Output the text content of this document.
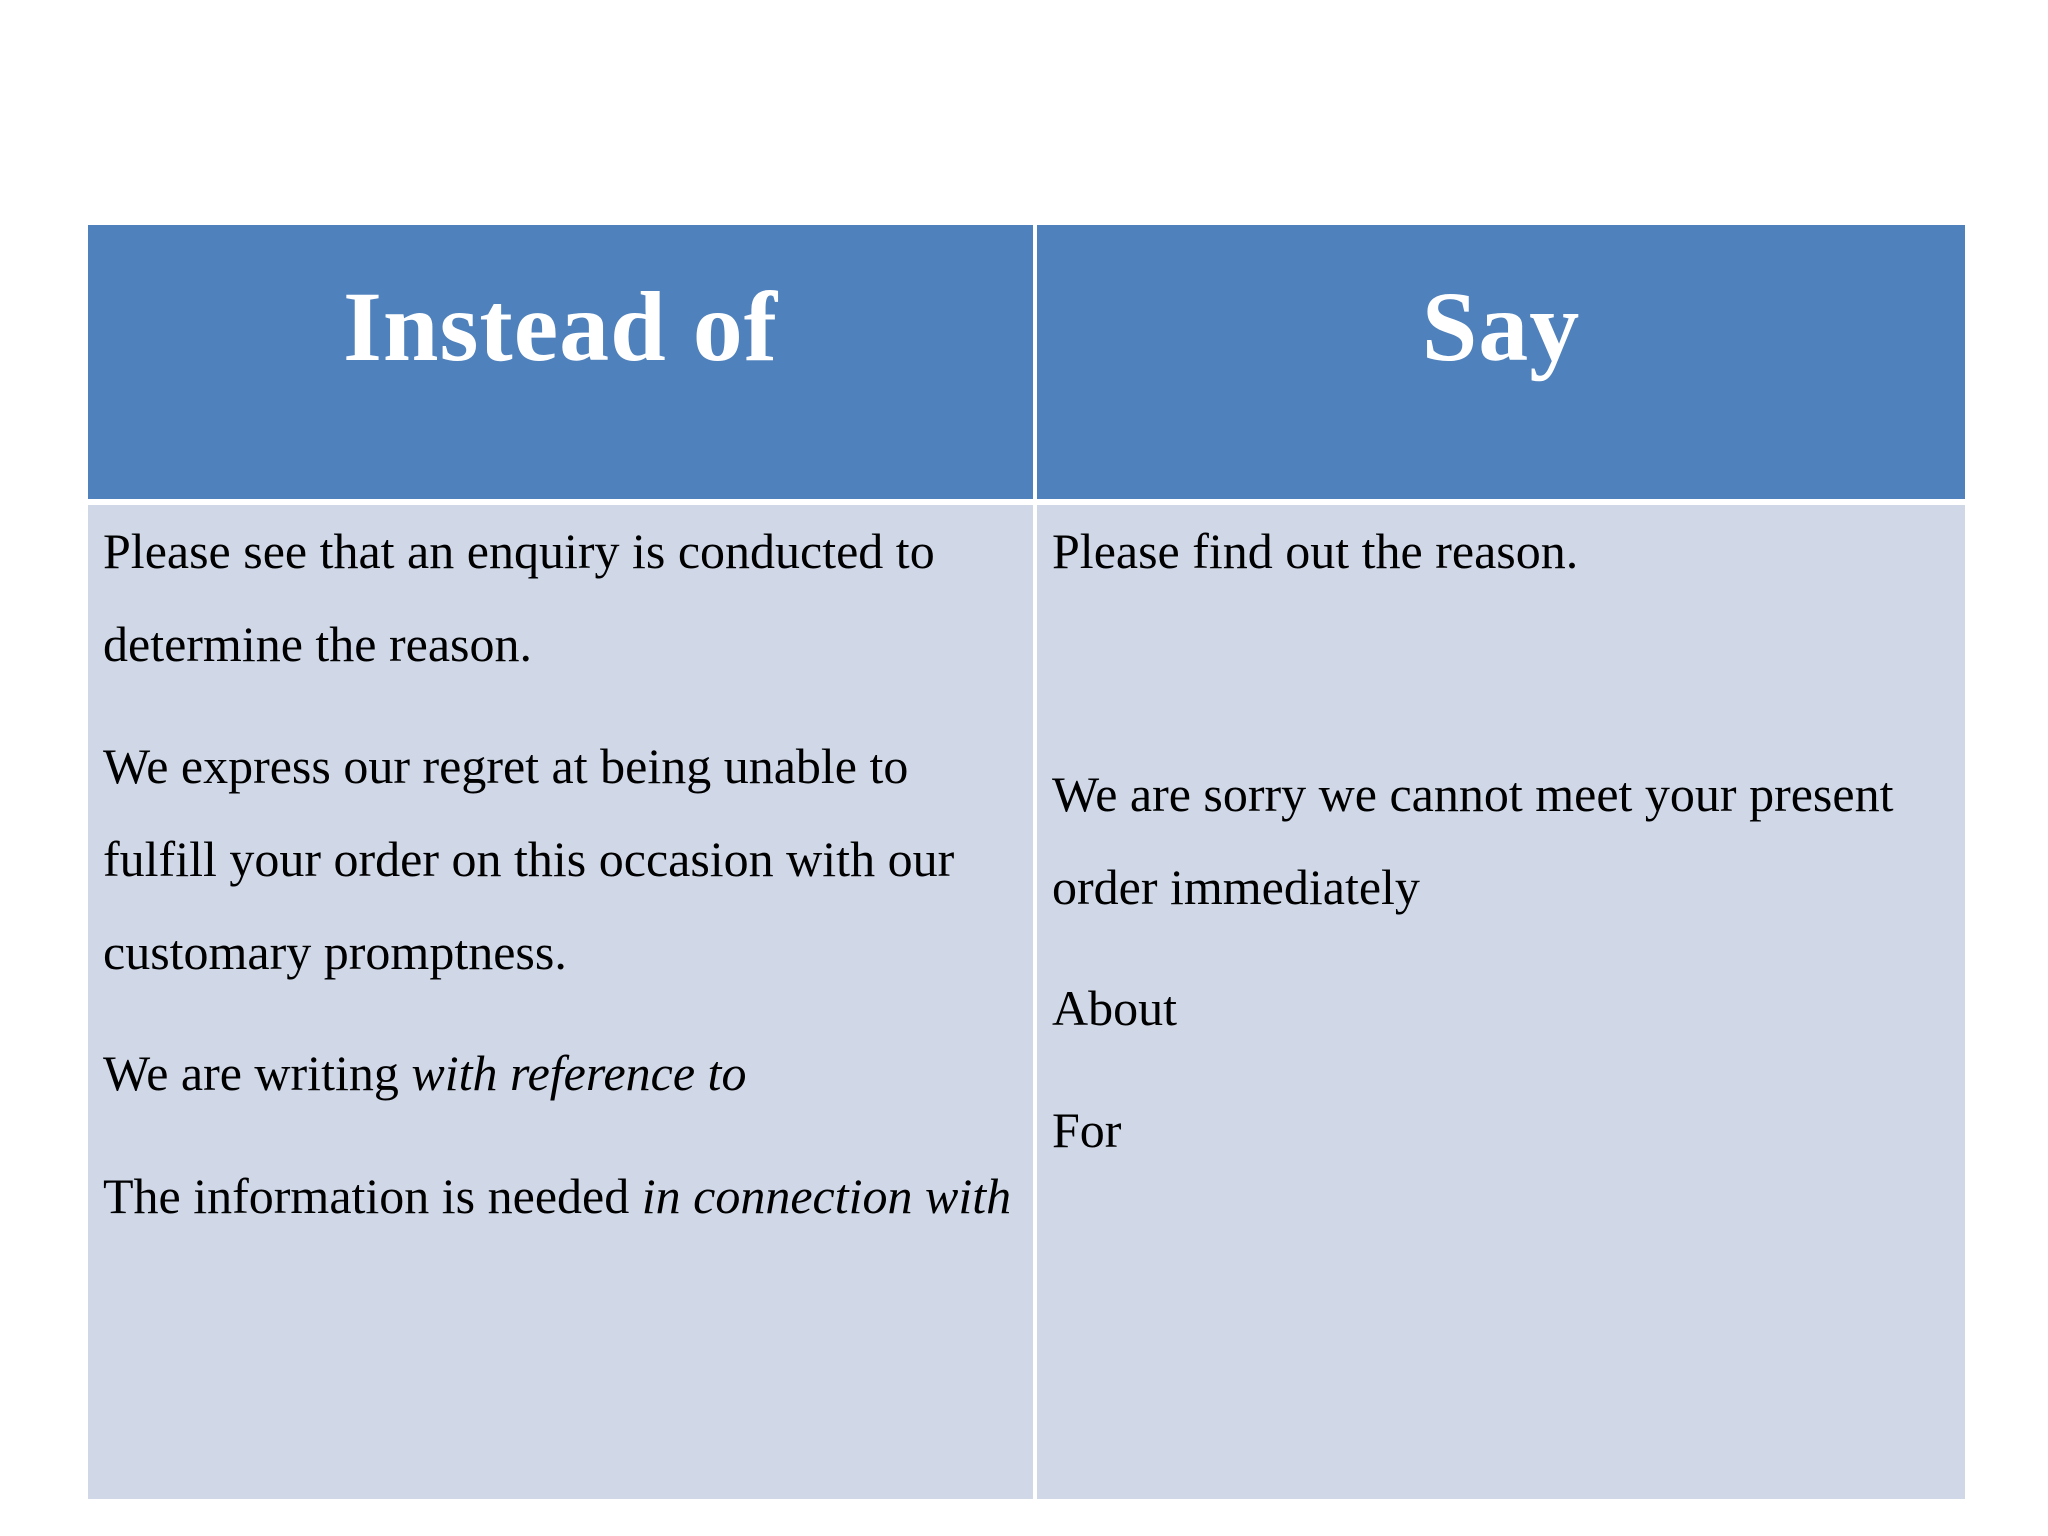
Instead of	Say

Please see that an enquiry is conducted to determine the reason.

We express our regret at being unable to fulfill your order on this occasion with our customary promptness.

We are writing with reference to

The information is needed in connection with

Please find out the reason.

We are sorry we cannot meet your present order immediately

About

For
